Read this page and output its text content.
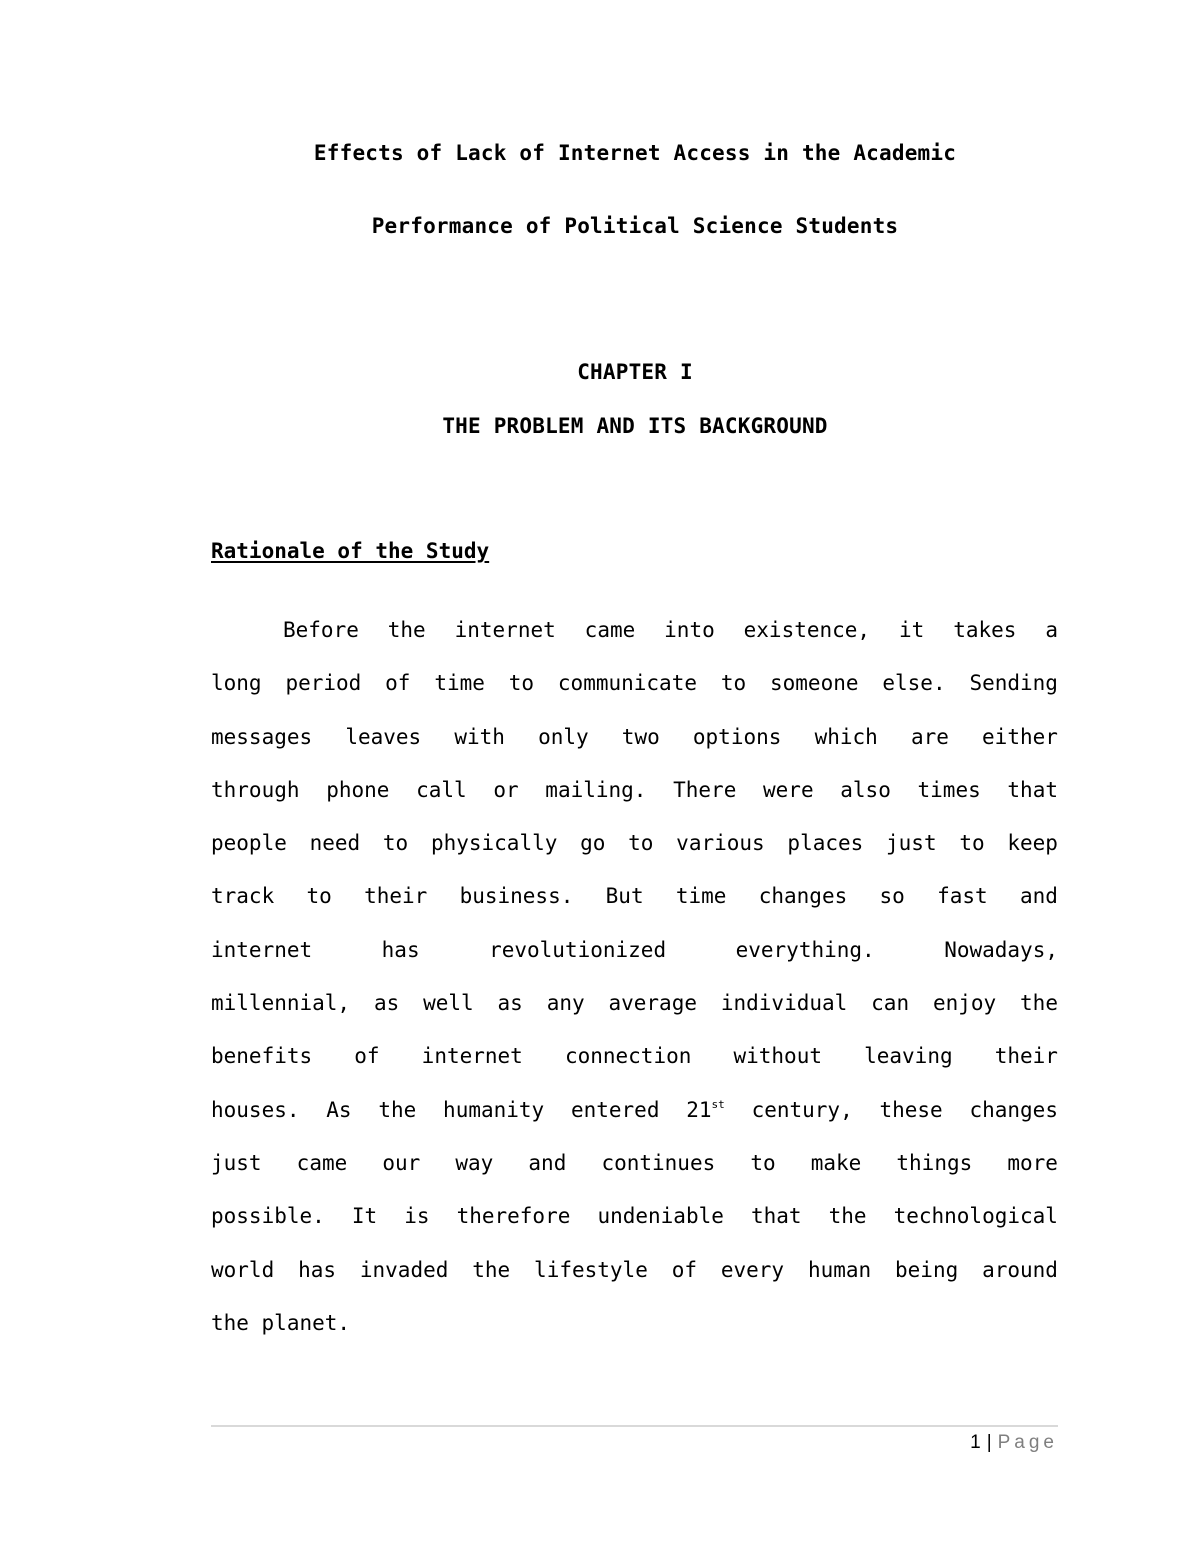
Effects of Lack of Internet Access in the Academic
Performance of Political Science Students
CHAPTER I
THE PROBLEM AND ITS BACKGROUND
Rationale of the Study
Before the internet came into existence, it takes a
long period of time to communicate to someone else. Sending
messages leaves with only two options which are either
through phone call or mailing. There were also times that
people need to physically go to various places just to keep
track to their business. But time changes so fast and
internet	has	revolutionized	everything.	Nowadays,
millennial, as well as any average individual can enjoy the
benefits of internet connection without leaving their
houses. As the humanity entered 21st century, these changes
just came our way and continues to make things more
possible. It is therefore undeniable that the technological
world has invaded the lifestyle of every human being around
the planet.
1 | Page
